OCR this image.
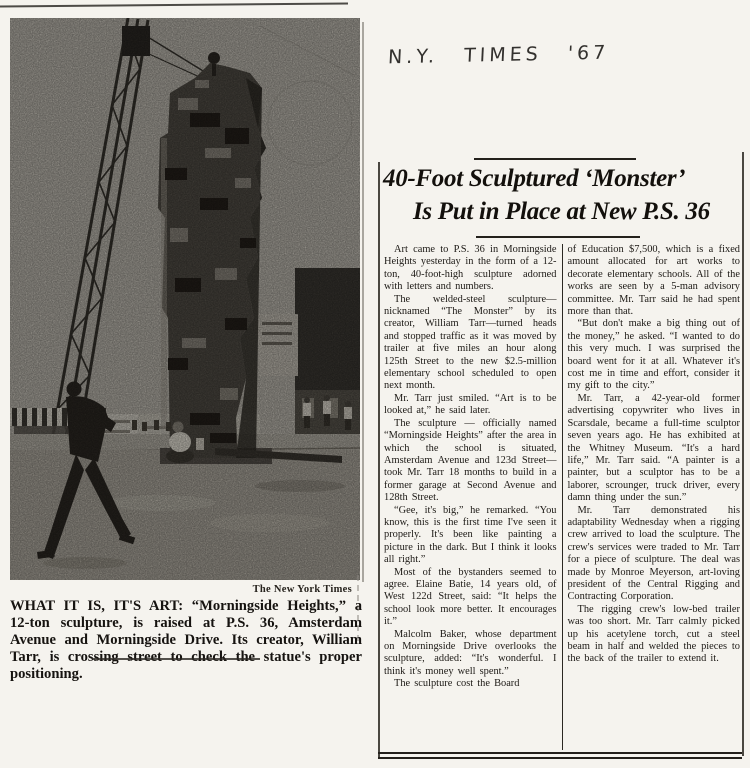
The New York Times

WHAT IT IS, IT'S ART: “Morningside Heights,” a 12-ton sculpture, is raised at P.S. 36, Amsterdam Avenue and Morningside Drive. Its creator, William Tarr, is crossing street to check the statue's proper positioning.

N.Y. TIMES '67
40-Foot Sculptured ‘Monster’
Is Put in Place at New P.S. 36

Art came to P.S. 36 in Morningside Heights yesterday in the form of a 12-ton, 40-foot-high sculpture adorned with letters and numbers.

The welded-steel sculpture—nicknamed “The Monster” by its creator, William Tarr—turned heads and stopped traffic as it was moved by trailer at five miles an hour along 125th Street to the new $2.5-million elementary school scheduled to open next month.

Mr. Tarr just smiled. “Art is to be looked at,” he said later.

The sculpture — officially named “Morningside Heights” after the area in which the school is situated, Amsterdam Avenue and 123d Street—took Mr. Tarr 18 months to build in a former garage at Second Avenue and 128th Street.

“Gee, it's big,” he remarked. “You know, this is the first time I've seen it properly. It's been like painting a picture in the dark. But I think it looks all right.”

Most of the bystanders seemed to agree. Elaine Batie, 14 years old, of West 122d Street, said: “It helps the school look more better. It encourages it.”

Malcolm Baker, whose department on Morningside Drive overlooks the sculpture, added: “It's wonderful. I think it's money well spent.”

The sculpture cost the Board

of Education $7,500, which is a fixed amount allocated for art works to decorate elementary schools. All of the works are seen by a 5-man advisory committee. Mr. Tarr said he had spent more than that.

“But don't make a big thing out of the money,” he asked. “I wanted to do this very much. I was surprised the board went for it at all. Whatever it's cost me in time and effort, consider it my gift to the city.”

Mr. Tarr, a 42-year-old former advertising copywriter who lives in Scarsdale, became a full-time sculptor seven years ago. He has exhibited at the Whitney Museum. “It's a hard life,” Mr. Tarr said. “A painter is a painter, but a sculptor has to be a laborer, scrounger, truck driver, every damn thing under the sun.”

Mr. Tarr demonstrated his adaptability Wednesday when a rigging crew arrived to load the sculpture. The crew's services were traded to Mr. Tarr for a piece of sculpture. The deal was made by Monroe Meyerson, art-loving president of the Central Rigging and Contracting Corporation.

The rigging crew's low-bed trailer was too short. Mr. Tarr calmly picked up his acetylene torch, cut a steel beam in half and welded the pieces to the back of the trailer to extend it.
